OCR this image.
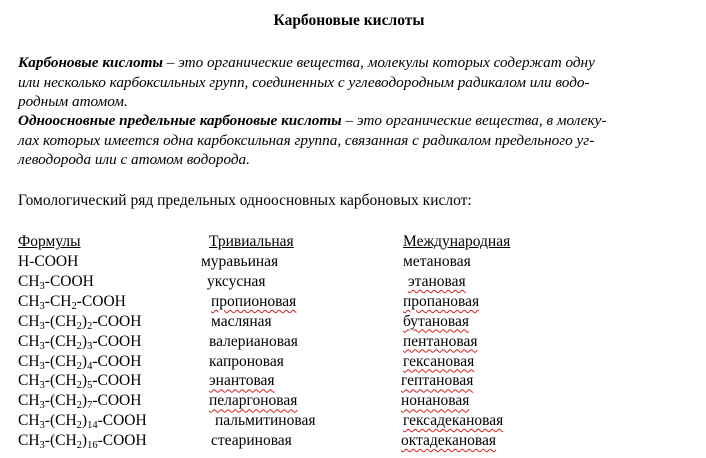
Карбоновые кислоты
Карбоновые кислоты – это органические вещества, молекулы которых содержат одну
или несколько карбоксильных групп, соединенных с углеводородным радикалом или водо-
родным атомом.
Одноосновные предельные карбоновые кислоты – это органические вещества, в молеку-
лах которых имеется одна карбоксильная группа, связанная с радикалом предельного уг-
леводорода или с атомом водорода.
Гомологический ряд предельных одноосновных карбоновых кислот:
Формулы	Тривиальная	Международная
H-COOH	муравьиная	метановая
$CH_3$-COOH	уксусная	этановая
$CH_3-CH_2$-COOH	пропионовая	пропановая
$CH_3-(CH_2)_2$-COOH	масляная	бутановая
$CH_3-(CH_2)_3$-COOH	валериановая	пентановая
$CH_3-(CH_2)_4$-COOH	капроновая	гексановая
$CH_3-(CH_2)_5$-COOH	энантовая	гептановая
$CH_3-(CH_2)_7$-COOH	пеларгоновая	нонановая
$CH_3-(CH_2)_{14}$-COOH	пальмитиновая	гексадекановая
$CH_3-(CH_2)_{16}$-COOH	стеариновая	октадекановая
